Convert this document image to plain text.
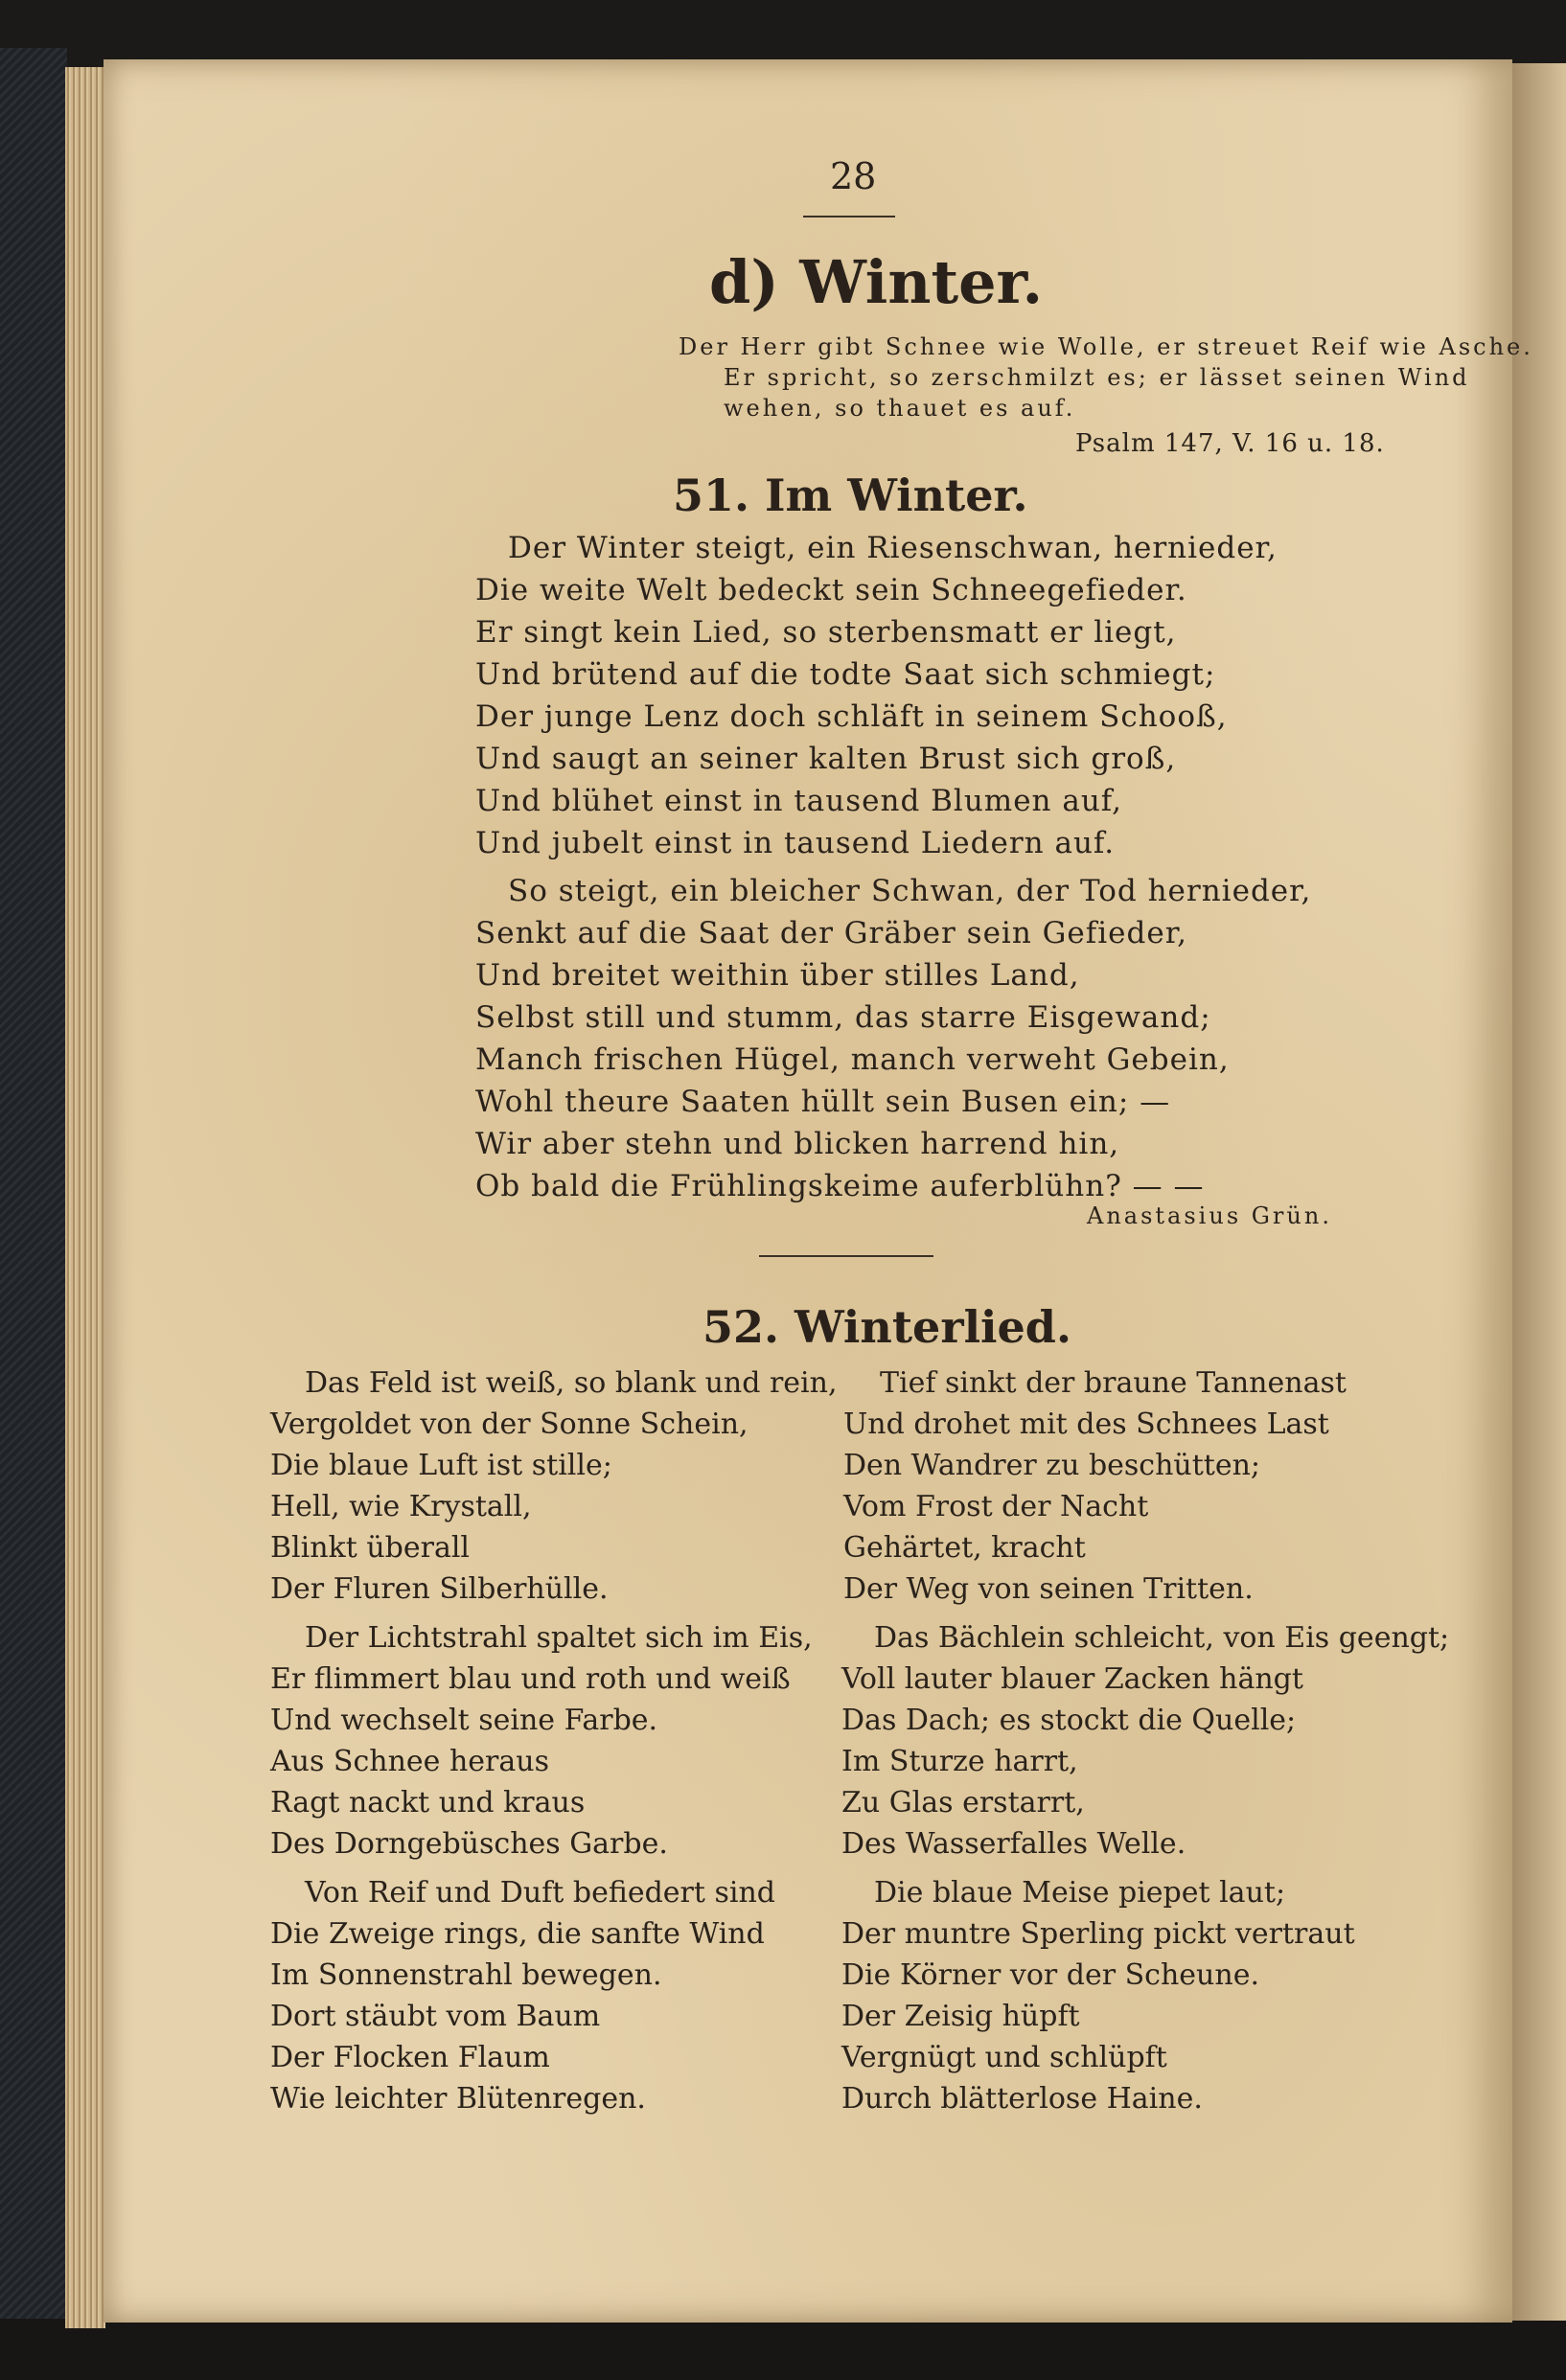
28
d) Winter.
Der Herr gibt Schnee wie Wolle, er streuet Reif wie Asche.
Er spricht, so zerschmilzt es; er lässet seinen Wind
wehen, so thauet es auf.
Psalm 147, V. 16 u. 18.
51. Im Winter.
Der Winter steigt, ein Riesenschwan, hernieder,
Die weite Welt bedeckt sein Schneegefieder.
Er singt kein Lied, so sterbensmatt er liegt,
Und brütend auf die todte Saat sich schmiegt;
Der junge Lenz doch schläft in seinem Schooß,
Und saugt an seiner kalten Brust sich groß,
Und blühet einst in tausend Blumen auf,
Und jubelt einst in tausend Liedern auf.
So steigt, ein bleicher Schwan, der Tod hernieder,
Senkt auf die Saat der Gräber sein Gefieder,
Und breitet weithin über stilles Land,
Selbst still und stumm, das starre Eisgewand;
Manch frischen Hügel, manch verweht Gebein,
Wohl theure Saaten hüllt sein Busen ein; —
Wir aber stehn und blicken harrend hin,
Ob bald die Frühlingskeime auferblühn? — —
Anastasius Grün.
52. Winterlied.
Das Feld ist weiß, so blank und rein,
Vergoldet von der Sonne Schein,
Die blaue Luft ist stille;
Hell, wie Krystall,
Blinkt überall
Der Fluren Silberhülle.
Der Lichtstrahl spaltet sich im Eis,
Er flimmert blau und roth und weiß
Und wechselt seine Farbe.
Aus Schnee heraus
Ragt nackt und kraus
Des Dorngebüsches Garbe.
Von Reif und Duft befiedert sind
Die Zweige rings, die sanfte Wind
Im Sonnenstrahl bewegen.
Dort stäubt vom Baum
Der Flocken Flaum
Wie leichter Blütenregen.
Tief sinkt der braune Tannenast
Und drohet mit des Schnees Last
Den Wandrer zu beschütten;
Vom Frost der Nacht
Gehärtet, kracht
Der Weg von seinen Tritten.
Das Bächlein schleicht, von Eis geengt;
Voll lauter blauer Zacken hängt
Das Dach; es stockt die Quelle;
Im Sturze harrt,
Zu Glas erstarrt,
Des Wasserfalles Welle.
Die blaue Meise piepet laut;
Der muntre Sperling pickt vertraut
Die Körner vor der Scheune.
Der Zeisig hüpft
Vergnügt und schlüpft
Durch blätterlose Haine.
